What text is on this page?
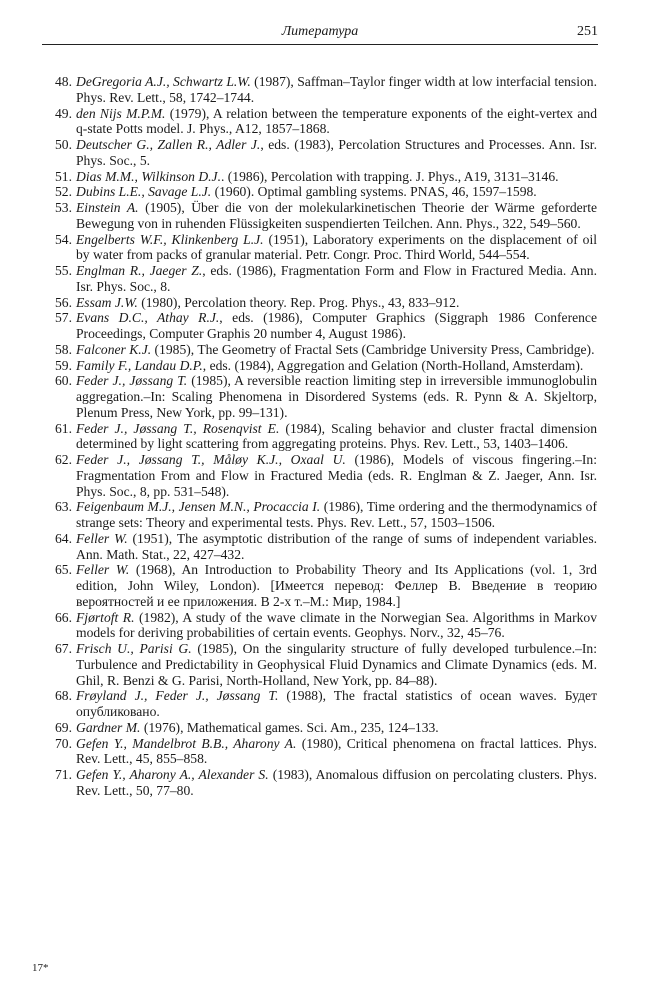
Литература	251
48. DeGregoria A.J., Schwartz L.W. (1987), Saffman–Taylor finger width at low interfacial tension. Phys. Rev. Lett., 58, 1742–1744.
49. den Nijs M.P.M. (1979), A relation between the temperature exponents of the eight-vertex and q-state Potts model. J. Phys., A12, 1857–1868.
50. Deutscher G., Zallen R., Adler J., eds. (1983), Percolation Structures and Processes. Ann. Isr. Phys. Soc., 5.
51. Dias M.M., Wilkinson D.J.. (1986), Percolation with trapping. J. Phys., A19, 3131–3146.
52. Dubins L.E., Savage L.J. (1960). Optimal gambling systems. PNAS, 46, 1597–1598.
53. Einstein A. (1905), Über die von der molekularkinetischen Theorie der Wärme geforderte Bewegung von in ruhenden Flüssigkeiten suspendierten Teilchen. Ann. Phys., 322, 549–560.
54. Engelberts W.F., Klinkenberg L.J. (1951), Laboratory experiments on the displacement of oil by water from packs of granular material. Petr. Congr. Proc. Third World, 544–554.
55. Englman R., Jaeger Z., eds. (1986), Fragmentation Form and Flow in Fractured Media. Ann. Isr. Phys. Soc., 8.
56. Essam J.W. (1980), Percolation theory. Rep. Prog. Phys., 43, 833–912.
57. Evans D.C., Athay R.J., eds. (1986), Computer Graphics (Siggraph 1986 Conference Proceedings, Computer Graphis 20 number 4, August 1986).
58. Falconer K.J. (1985), The Geometry of Fractal Sets (Cambridge University Press, Cambridge).
59. Family F., Landau D.P., eds. (1984), Aggregation and Gelation (North-Holland, Amsterdam).
60. Feder J., Jøssang T. (1985), A reversible reaction limiting step in irreversible immunoglobulin aggregation.–In: Scaling Phenomena in Disordered Systems (eds. R. Pynn & A. Skjeltorp, Plenum Press, New York, pp. 99–131).
61. Feder J., Jøssang T., Rosenqvist E. (1984), Scaling behavior and cluster fractal dimension determined by light scattering from aggregating proteins. Phys. Rev. Lett., 53, 1403–1406.
62. Feder J., Jøssang T., Måløy K.J., Oxaal U. (1986), Models of viscous fingering.–In: Fragmentation From and Flow in Fractured Media (eds. R. Englman & Z. Jaeger, Ann. Isr. Phys. Soc., 8, pp. 531–548).
63. Feigenbaum M.J., Jensen M.N., Procaccia I. (1986), Time ordering and the thermodynamics of strange sets: Theory and experimental tests. Phys. Rev. Lett., 57, 1503–1506.
64. Feller W. (1951), The asymptotic distribution of the range of sums of independent variables. Ann. Math. Stat., 22, 427–432.
65. Feller W. (1968), An Introduction to Probability Theory and Its Applications (vol. 1, 3rd edition, John Wiley, London). [Имеется перевод: Феллер В. Введение в теорию вероятностей и ее приложения. В 2-х т.–М.: Мир, 1984.]
66. Fjørtoft R. (1982), A study of the wave climate in the Norwegian Sea. Algorithms in Markov models for deriving probabilities of certain events. Geophys. Norv., 32, 45–76.
67. Frisch U., Parisi G. (1985), On the singularity structure of fully developed turbulence.–In: Turbulence and Predictability in Geophysical Fluid Dynamics and Climate Dynamics (eds. M. Ghil, R. Benzi & G. Parisi, North-Holland, New York, pp. 84–88).
68. Frøyland J., Feder J., Jøssang T. (1988), The fractal statistics of ocean waves. Будет опубликовано.
69. Gardner M. (1976), Mathematical games. Sci. Am., 235, 124–133.
70. Gefen Y., Mandelbrot B.B., Aharony A. (1980), Critical phenomena on fractal lattices. Phys. Rev. Lett., 45, 855–858.
71. Gefen Y., Aharony A., Alexander S. (1983), Anomalous diffusion on percolating clusters. Phys. Rev. Lett., 50, 77–80.
17*
